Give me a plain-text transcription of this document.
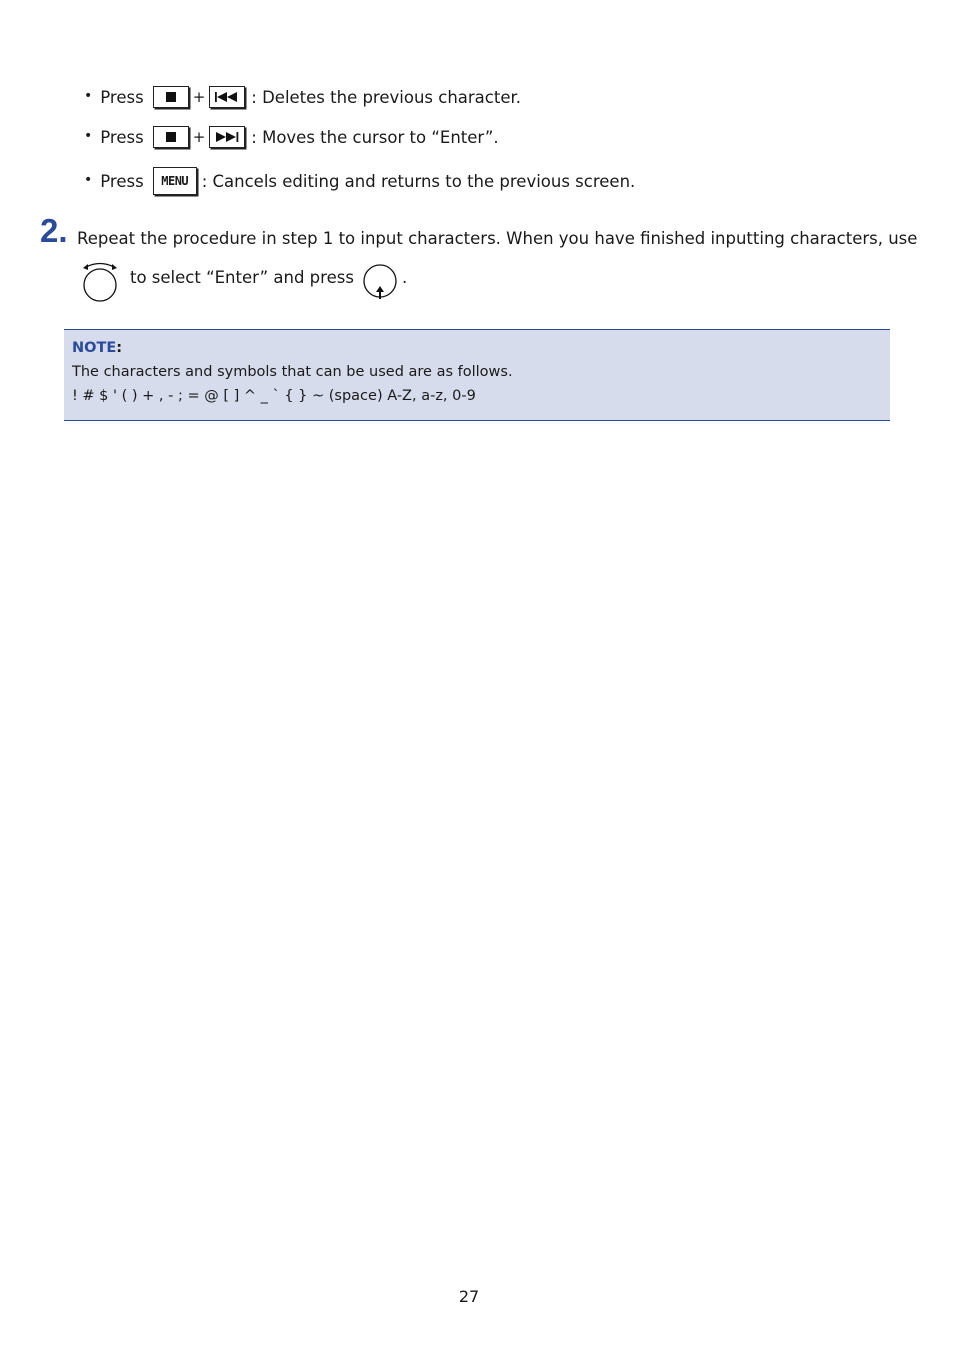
• Press	+	: Deletes the previous character.
• Press	+	: Moves the cursor to “Enter”.
• Press	MENU : Cancels editing and returns to the previous screen.
2. Repeat the procedure in step 1 to input characters. When you have finished inputting characters, use
to select “Enter” and press	.
NOTE:
The characters and symbols that can be used are as follows.
! # $ ' ( ) + , - ; = @ [ ] ^ _ ` { } ~ (space) A-Z, a-z, 0-9
27
